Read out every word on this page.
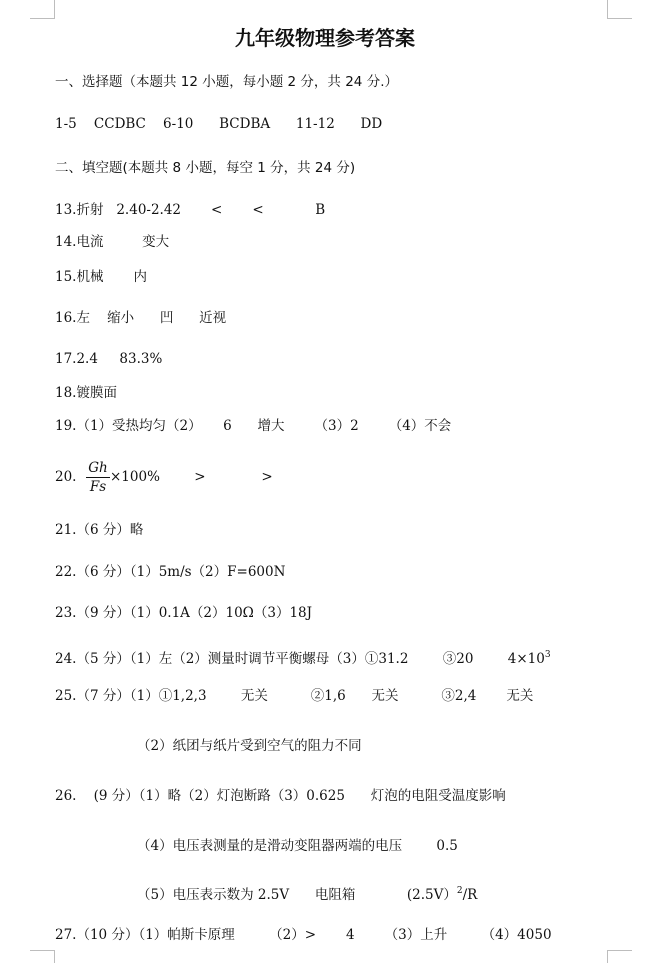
九年级物理参考答案
一、选择题（本题共 12 小题，每小题 2 分，共 24 分.）
1-5    CCDBC    6-10      BCDBA      11-12      DD
二、填空题(本题共 8 小题，每空 1 分，共 24 分)
13.折射   2.40-2.42       <       <            B
14.电流         变大
15.机械       内
16.左    缩小      凹      近视
17.2.4     83.3%
18.镀膜面
19.（1）受热均匀（2）     6      增大       （3）2       （4）不会
20. $\frac{Gh}{Fs} \times 100\%$        >             >
21.（6 分）略
22.（6 分）（1）5m/s（2）F=600N
23.（9 分）（1）0.1A（2）10Ω（3）18J
24.（5 分）（1）左（2）测量时调节平衡螺母（3）①31.2        ③20        $4\times 10^3$
25.（7 分）（1）①1,2,3        无关          ②1,6      无关          ③2,4       无关
（2）纸团与纸片受到空气的阻力不同
26.    (9 分）（1）略（2）灯泡断路（3）0.625      灯泡的电阻受温度影响
（4）电压表测量的是滑动变阻器两端的电压        0.5
（5）电压表示数为 2.5V      电阻箱            (2.5V）$^2$/R
27.（10 分）（1）帕斯卡原理        （2）>       4       （3）上升        （4）4050
